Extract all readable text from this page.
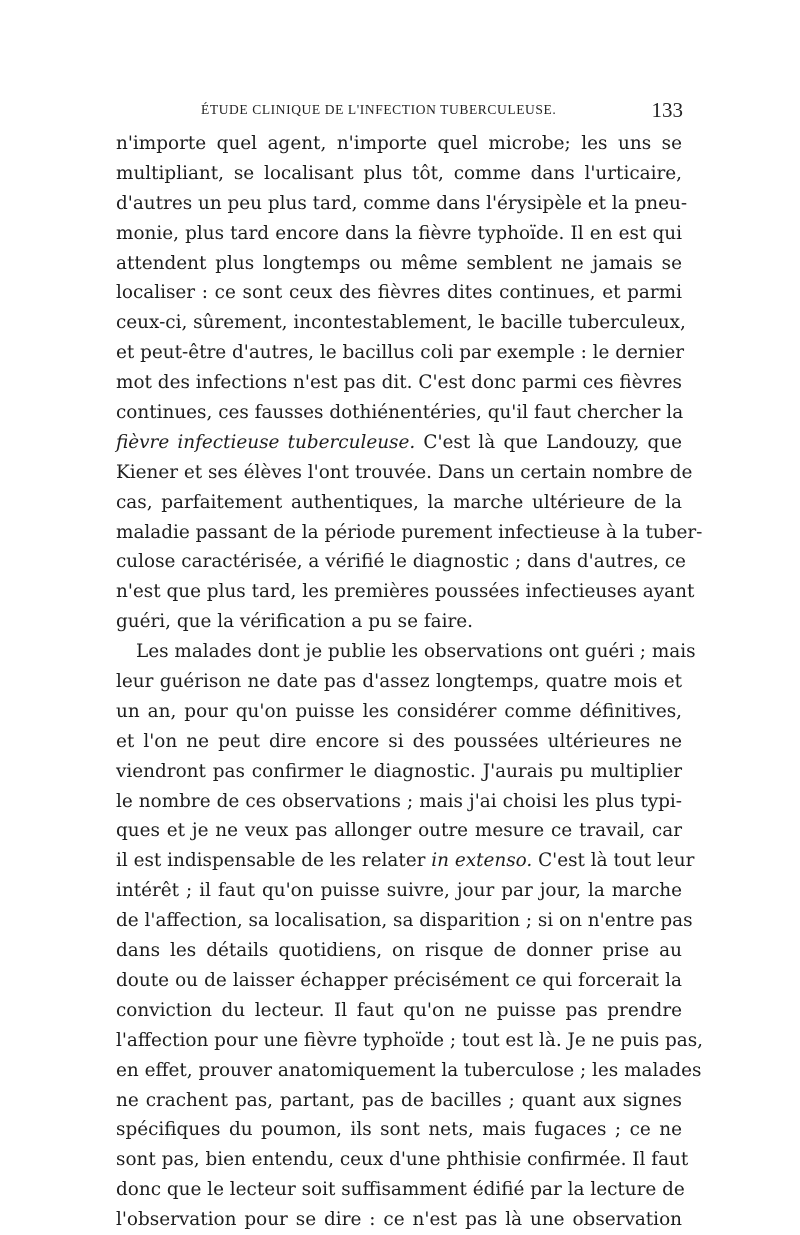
ÉTUDE CLINIQUE DE L'INFECTION TUBERCULEUSE.	133
n'importe quel agent, n'importe quel microbe; les uns se
multipliant, se localisant plus tôt, comme dans l'urticaire,
d'autres un peu plus tard, comme dans l'érysipèle et la pneu-
monie, plus tard encore dans la fièvre typhoïde. Il en est qui
attendent plus longtemps ou même semblent ne jamais se
localiser : ce sont ceux des fièvres dites continues, et parmi
ceux-ci, sûrement, incontestablement, le bacille tuberculeux,
et peut-être d'autres, le bacillus coli par exemple : le dernier
mot des infections n'est pas dit. C'est donc parmi ces fièvres
continues, ces fausses dothiénentéries, qu'il faut chercher la
fièvre infectieuse tuberculeuse. C'est là que Landouzy, que
Kiener et ses élèves l'ont trouvée. Dans un certain nombre de
cas, parfaitement authentiques, la marche ultérieure de la
maladie passant de la période purement infectieuse à la tuber-
culose caractérisée, a vérifié le diagnostic ; dans d'autres, ce
n'est que plus tard, les premières poussées infectieuses ayant
guéri, que la vérification a pu se faire.
Les malades dont je publie les observations ont guéri ; mais
leur guérison ne date pas d'assez longtemps, quatre mois et
un an, pour qu'on puisse les considérer comme définitives,
et l'on ne peut dire encore si des poussées ultérieures ne
viendront pas confirmer le diagnostic. J'aurais pu multiplier
le nombre de ces observations ; mais j'ai choisi les plus typi-
ques et je ne veux pas allonger outre mesure ce travail, car
il est indispensable de les relater in extenso. C'est là tout leur
intérêt ; il faut qu'on puisse suivre, jour par jour, la marche
de l'affection, sa localisation, sa disparition ; si on n'entre pas
dans les détails quotidiens, on risque de donner prise au
doute ou de laisser échapper précisément ce qui forcerait la
conviction du lecteur. Il faut qu'on ne puisse pas prendre
l'affection pour une fièvre typhoïde ; tout est là. Je ne puis pas,
en effet, prouver anatomiquement la tuberculose ; les malades
ne crachent pas, partant, pas de bacilles ; quant aux signes
spécifiques du poumon, ils sont nets, mais fugaces ; ce ne
sont pas, bien entendu, ceux d'une phthisie confirmée. Il faut
donc que le lecteur soit suffisamment édifié par la lecture de
l'observation pour se dire : ce n'est pas là une observation
